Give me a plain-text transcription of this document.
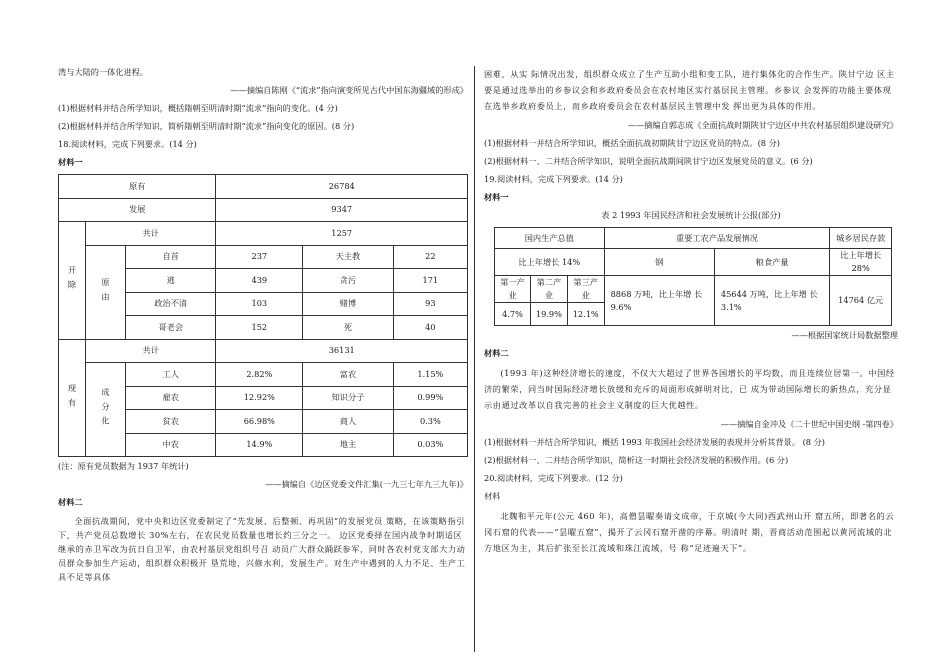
湾与大陆的一体化进程。

——摘编自陈刚《“流求”指向演变所见古代中国东海疆域的形成》

(1)根据材料并结合所学知识，概括隋朝至明清时期“流求”指向的变化。(4 分)

(2)根据材料并结合所学知识，简析隋朝至明清时期“流求”指向变化的原因。(8 分)

18.阅读材料，完成下列要求。(14 分)

材料一

原有			26784		
发展			9347		
开除	共计		1257		
	原由	自首	237	天主教	22
		逃	439	贪污	171
		政治不清	103	赌博	93
		哥老会	152	死	40
现有	共计		36131		
	成分化	工人	2.82%	富农	1.15%
		雇农	12.92%	知识分子	0.99%
		贫农	66.98%	商人	0.3%
		中农	14.9%	地主	0.03%

(注：原有党员数据为 1937 年统计)

——摘编自《边区党委文件汇集(一九三七年九三九年)》

材料二

全面抗战期间，党中央和边区党委制定了“先发展、后整顿、再巩固”的发展党员 策略，在该策略指引下，共产党员总数增长 30%左右，在农民党员数量也增长约三分之一。 边区党委择在国内战争时期适区继承的赤卫军改为抗日自卫军，由农村基层党组织号召 动员广大群众踊跃参军，同时各农村党支部大力动员群众参加生产运动，组织群众积极开 垦荒地，兴修水利，发展生产。对生产中遇到的人力不足、生产工具不足等具体

困难，从实 际情况出发，组织群众成立了生产互助小组和变工队，进行集体化的合作生产。陕甘宁边 区主要是通过选举出的乡参议会和乡政府委员会在农村地区实行基层民主管理。乡参议 会发挥的功能主要体现在选举乡政府委员上，而乡政府委员会在农村基层民主管理中发 挥出更为具体的作用。

——摘编自郭志成《全面抗战时期陕甘宁边区中共农村基层组织建设研究》

(1)根据材料一并结合所学知识，概括全面抗战初期陕甘宁边区党员的特点。(8 分)

(2)根据材料一、二并结合所学知识，说明全面抗战期间陕甘宁边区发展党员的意义。(6 分)

19.阅读材料，完成下列要求。(14 分)

材料一

表 2 1993 年国民经济和社会发展统计公报(部分)

国内生产总值			重要工农产品发展情况		城乡居民存款
比上年增长 14%			钢	粮食产量	比上年增长 28%
第一产业	第二产业	第三产业	8868 万吨，比上年增 长 9.6%	45644 万吨，比上年增 长 3.1%	14764 亿元
4.7%	19.9%	12.1%			

——根据国家统计局数据整理

材料二

(1993 年)这种经济增长的速度，不仅大大超过了世界各国增长的平均数，而且连续位居第一。中国经济的繁荣，同当时国际经济增长放缓和充斥的局面形成鲜明对比，已 成为带动国际增长的新热点，充分显示由通过改革以自我完善的社会主义制度的巨大优越性。

——摘编自金冲及《二十世纪中国史纲 -第四卷》

(1)根据材料一并结合所学知识，概括 1993 年我国社会经济发展的表现并分析其背景。 (8 分)

(2)根据材料一、二并结合所学知识，简析这一时期社会经济发展的积极作用。(6 分)

20.阅读材料，完成下列要求。(12 分)

材料

北魏和平元年(公元 460 年)，高僧昙曜奏请文成帝，于京城(今大同)西武州山开 窟五所，即著名的云冈石窟的代表——“昙曜五窟”，揭开了云冈石窟开凿的序幕。明清时 期，晋商活动范围起以黄河流域的北方地区为主，其后扩张至长江流域和珠江流域，号 称“足迹遍天下”。
